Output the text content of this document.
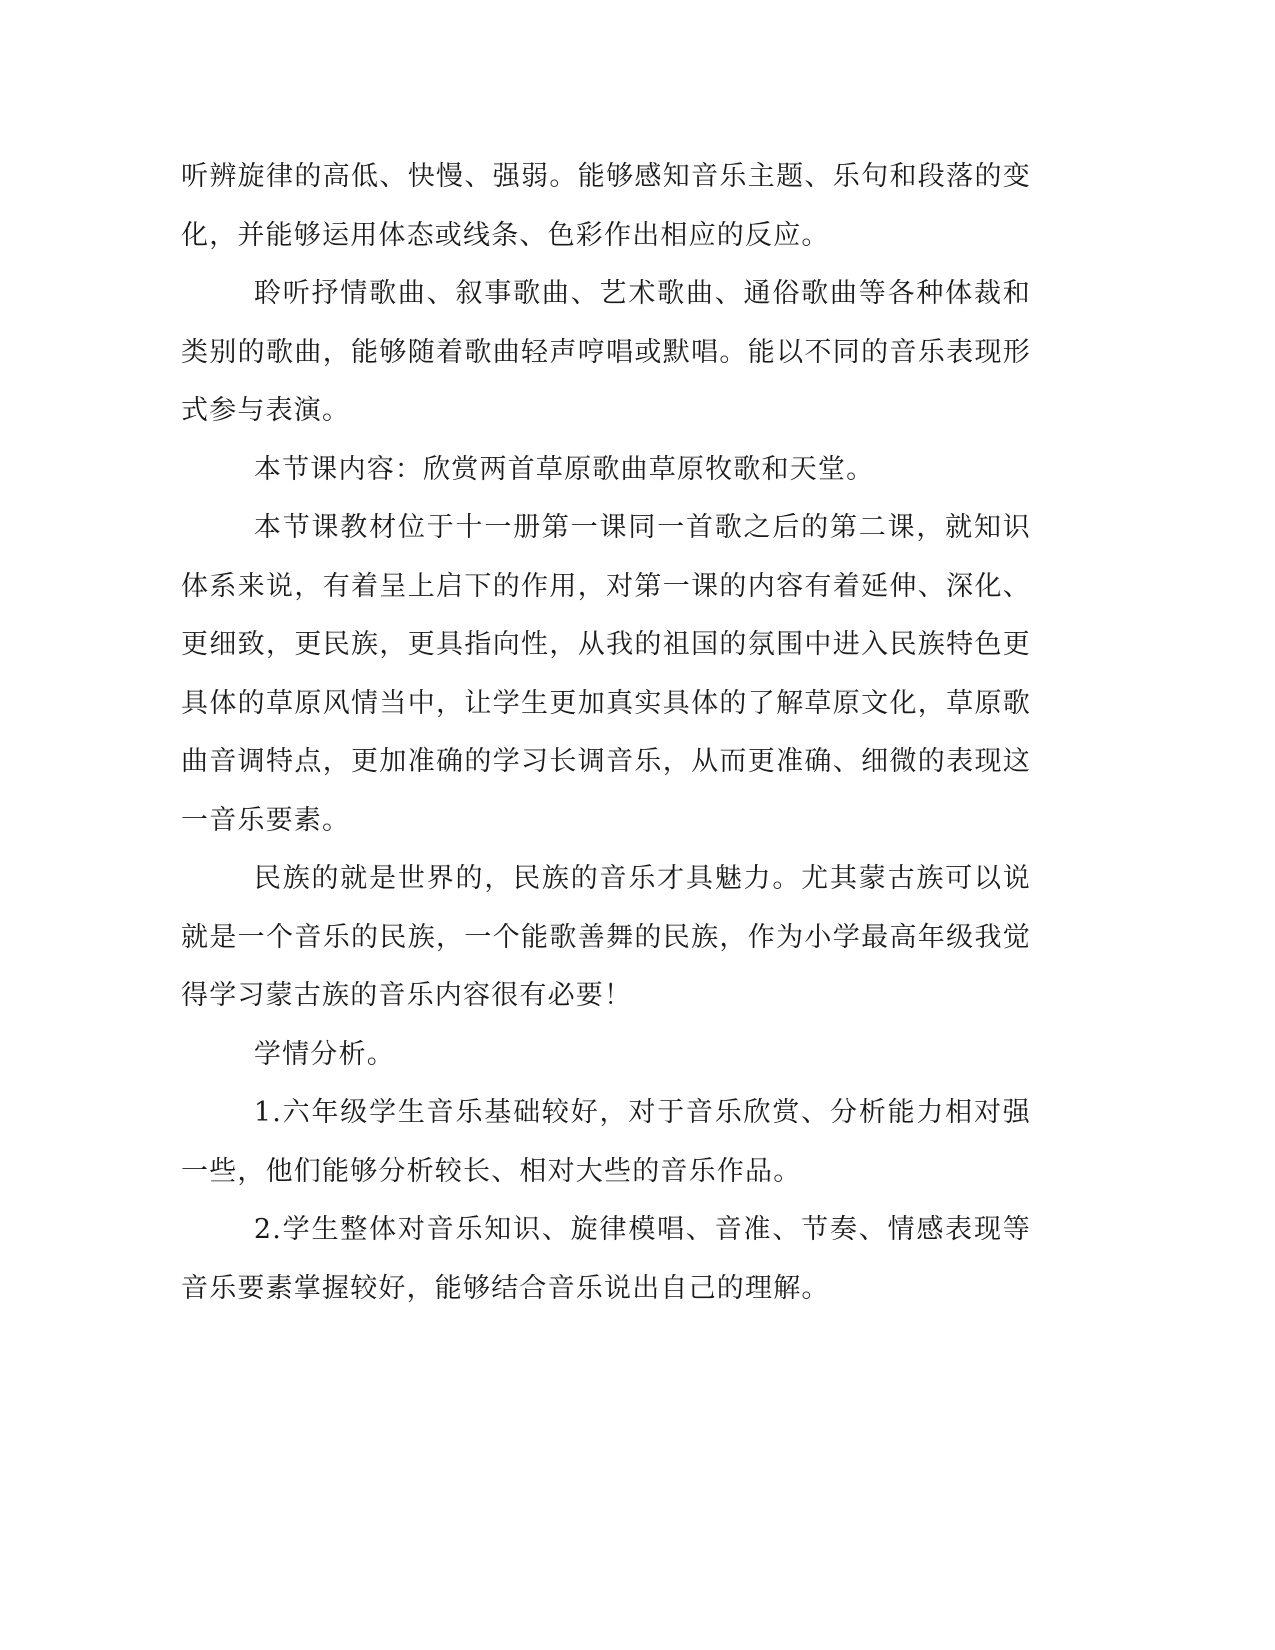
听辨旋律的高低、快慢、强弱。能够感知音乐主题、乐句和段落的变化，并能够运用体态或线条、色彩作出相应的反应。

聆听抒情歌曲、叙事歌曲、艺术歌曲、通俗歌曲等各种体裁和类别的歌曲，能够随着歌曲轻声哼唱或默唱。能以不同的音乐表现形式参与表演。

本节课内容：欣赏两首草原歌曲草原牧歌和天堂。

本节课教材位于十一册第一课同一首歌之后的第二课，就知识体系来说，有着呈上启下的作用，对第一课的内容有着延伸、深化、更细致，更民族，更具指向性，从我的祖国的氛围中进入民族特色更具体的草原风情当中，让学生更加真实具体的了解草原文化，草原歌曲音调特点，更加准确的学习长调音乐，从而更准确、细微的表现这一音乐要素。

民族的就是世界的，民族的音乐才具魅力。尤其蒙古族可以说就是一个音乐的民族，一个能歌善舞的民族，作为小学最高年级我觉得学习蒙古族的音乐内容很有必要！

学情分析。

1.六年级学生音乐基础较好，对于音乐欣赏、分析能力相对强一些，他们能够分析较长、相对大些的音乐作品。

2.学生整体对音乐知识、旋律模唱、音准、节奏、情感表现等音乐要素掌握较好，能够结合音乐说出自己的理解。
